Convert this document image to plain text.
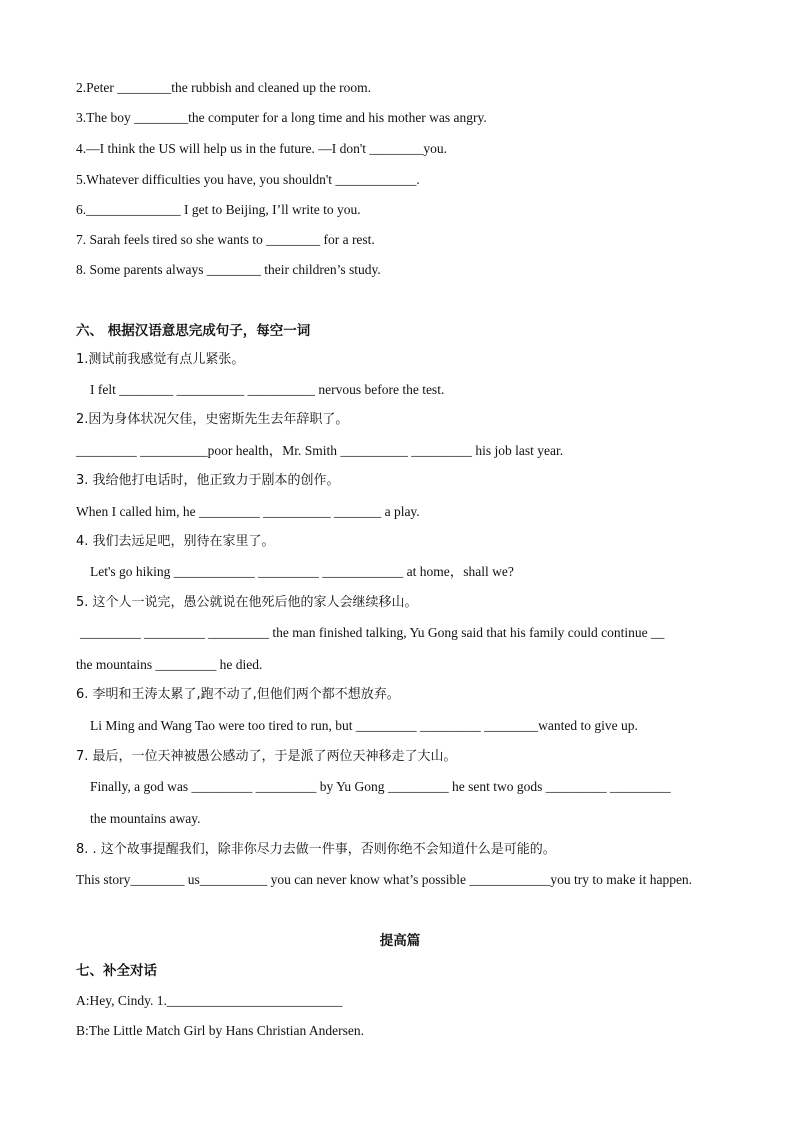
2.Peter ________the rubbish and cleaned up the room.
3.The boy ________the computer for a long time and his mother was angry.
4.—I think the US will help us in the future. —I don't ________you.
5.Whatever difficulties you have, you shouldn't ____________.
6.______________ I get to Beijing, I’ll write to you.
7. Sarah feels tired so she wants to ________ for a rest.
8. Some parents always ________ their children’s study.
六、 根据汉语意思完成句子，每空一词
1.测试前我感觉有点儿紧张。
I felt ________ __________ __________ nervous before the test.
2.因为身体状况欠佳，史密斯先生去年辞职了。
_________ __________poor health，Mr. Smith __________ _________ his job last year.
3. 我给他打电话时，他正致力于剧本的创作。
When I called him, he _________ __________ _______ a play.
4. 我们去远足吧，别待在家里了。
Let's go hiking ____________ _________ ____________ at home，shall we?
5. 这个人一说完，愚公就说在他死后他的家人会继续移山。
_________ _________ _________ the man finished talking, Yu Gong said that his family could continue __
the mountains _________ he died.
6. 李明和王涛太累了,跑不动了,但他们两个都不想放弃。
Li Ming and Wang Tao were too tired to run, but _________ _________ ________wanted to give up.
7. 最后，一位天神被愚公感动了，于是派了两位天神移走了大山。
Finally, a god was _________ _________ by Yu Gong _________ he sent two gods _________ _________
the mountains away.
8. . 这个故事提醒我们，除非你尽力去做一件事，否则你绝不会知道什么是可能的。
This story________ us__________ you can never know what’s possible ____________you try to make it happen.
提高篇
七、补全对话
A:Hey, Cindy. 1.__________________________
B:The Little Match Girl by Hans Christian Andersen.
